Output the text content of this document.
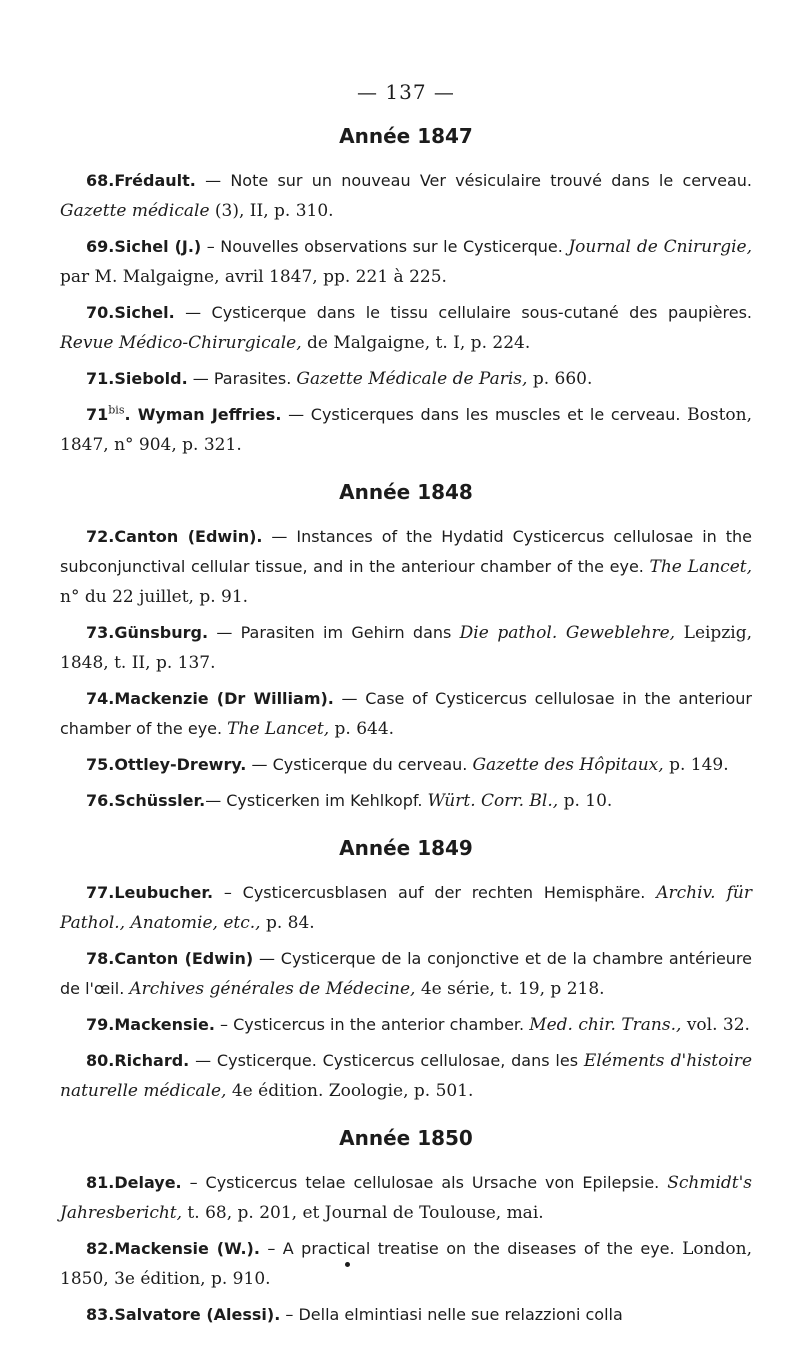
— 137 —
Année 1847

68.Frédault. — Note sur un nouveau Ver vésiculaire trouvé dans le cerveau. Gazette médicale (3), II, p. 310.

69.Sichel (J.) – Nouvelles observations sur le Cysticerque. Journal de Cnirurgie, par M. Malgaigne, avril 1847, pp. 221 à 225.

70.Sichel. — Cysticerque dans le tissu cellulaire sous-cutané des paupières. Revue Médico-Chirurgicale, de Malgaigne, t. I, p. 224.

71.Siebold. — Parasites. Gazette Médicale de Paris, p. 660.

$71^{bis}$. Wyman Jeffries. — Cysticerques dans les muscles et le cerveau. Boston, 1847, n° 904, p. 321.

Année 1848

72.Canton (Edwin). — Instances of the Hydatid Cysticercus cellulosae in the subconjunctival cellular tissue, and in the anteriour chamber of the eye. The Lancet, n° du 22 juillet, p. 91.

73.Günsburg. — Parasiten im Gehirn dans Die pathol. Geweblehre, Leipzig, 1848, t. II, p. 137.

74.Mackenzie (Dr William). — Case of Cysticercus cellulosae in the anteriour chamber of the eye. The Lancet, p. 644.

75.Ottley-Drewry. — Cysticerque du cerveau. Gazette des Hôpitaux, p. 149.

76.Schüssler.— Cysticerken im Kehlkopf. Würt. Corr. Bl., p. 10.

Année 1849

77.Leubucher. – Cysticercusblasen auf der rechten Hemisphäre. Archiv. für Pathol., Anatomie, etc., p. 84.

78.Canton (Edwin) — Cysticerque de la conjonctive et de la chambre antérieure de l'œil. Archives générales de Médecine, 4e série, t. 19, p 218.

79.Mackensie. – Cysticercus in the anterior chamber. Med. chir. Trans., vol. 32.

80.Richard. — Cysticerque. Cysticercus cellulosae, dans les Eléments d'histoire naturelle médicale, 4e édition. Zoologie, p. 501.

Année 1850

81.Delaye. – Cysticercus telae cellulosae als Ursache von Epilepsie. Schmidt's Jahresbericht, t. 68, p. 201, et Journal de Toulouse, mai.

82.Mackensie (W.). – A practical treatise on the diseases of the eye. London, 1850, 3e édition, p. 910.

83.Salvatore (Alessi). – Della elmintiasi nelle sue relazzioni colla
